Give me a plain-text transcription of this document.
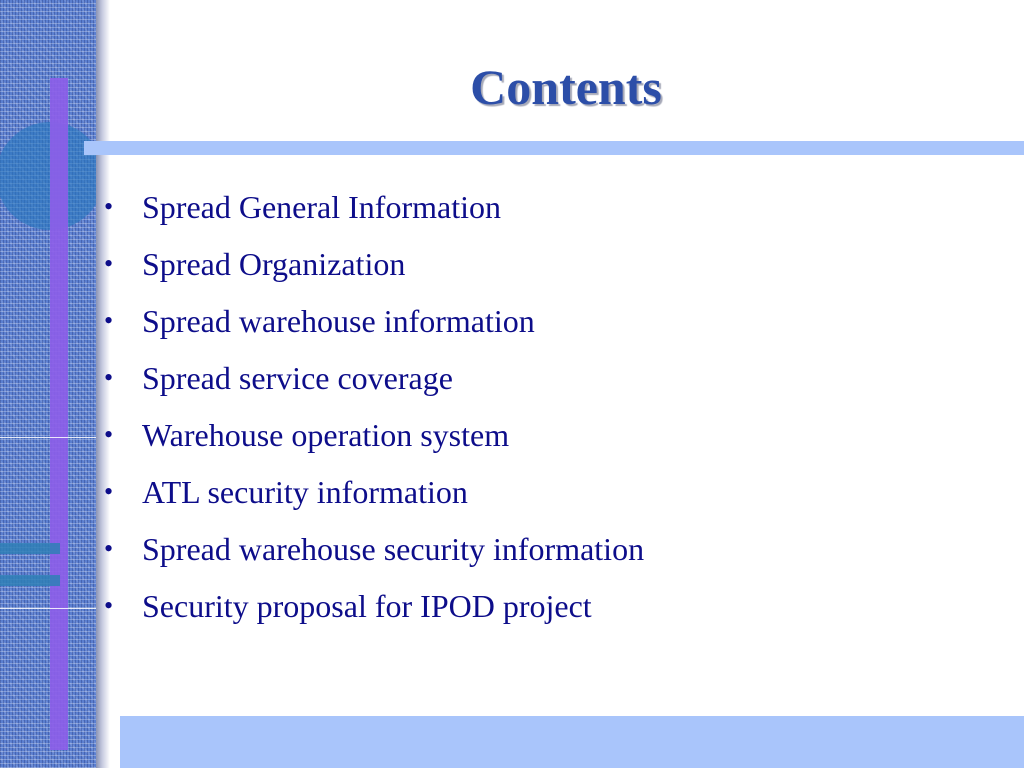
Contents
• Spread General Information
• Spread Organization
• Spread warehouse information
• Spread service coverage
• Warehouse operation system
• ATL security information
• Spread warehouse security information
• Security proposal for IPOD project
